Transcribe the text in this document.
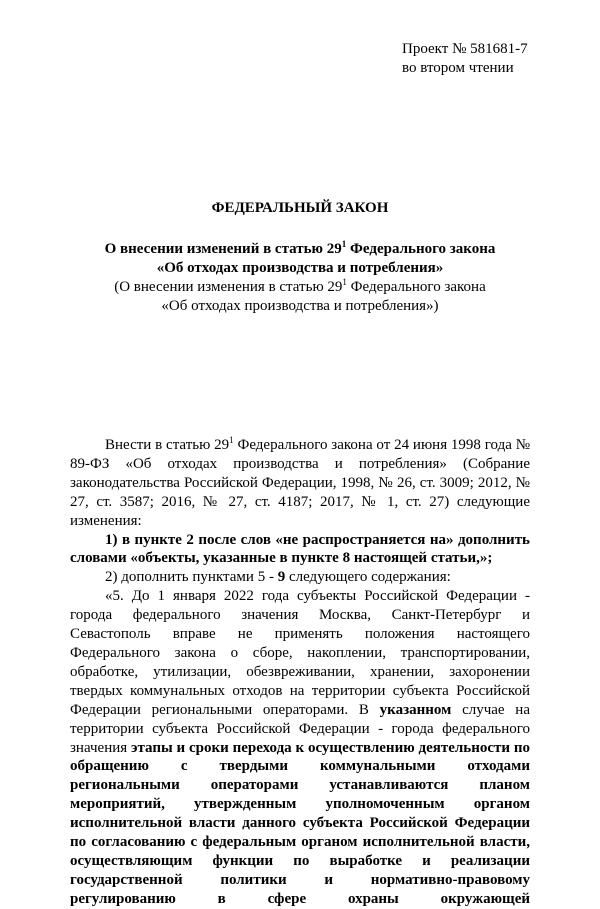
Проект № 581681-7
во втором чтении
ФЕДЕРАЛЬНЫЙ ЗАКОН
О внесении изменений в статью $29^1$ Федерального закона
«Об отходах производства и потребления»
(О внесении изменения в статью $29^1$ Федерального закона
«Об отходах производства и потребления»)

Внести в статью $29^1$ Федерального закона от 24 июня 1998 года № 89-ФЗ «Об отходах производства и потребления» (Собрание законодательства Российской Федерации, 1998, № 26, ст. 3009; 2012, № 27, ст. 3587; 2016, № 27, ст. 4187; 2017, № 1, ст. 27) следующие изменения:

1) в пункте 2 после слов «не распространяется на» дополнить словами «объекты, указанные в пункте 8 настоящей статьи,»;

2) дополнить пунктами 5 - 9 следующего содержания:

«5. До 1 января 2022 года субъекты Российской Федерации - города федерального значения Москва, Санкт-Петербург и Севастополь вправе не применять положения настоящего Федерального закона о сборе, накоплении, транспортировании, обработке, утилизации, обезвреживании, хранении, захоронении твердых коммунальных отходов на территории субъекта Российской Федерации региональными операторами. В указанном случае на территории субъекта Российской Федерации - города федерального значения этапы и сроки перехода к осуществлению деятельности по обращению с твердыми коммунальными отходами региональными операторами устанавливаются планом мероприятий, утвержденным уполномоченным органом исполнительной власти данного субъекта Российской Федерации по согласованию с федеральным органом исполнительной власти, осуществляющим функции по выработке и реализации государственной политики и нормативно-правовому регулированию в сфере охраны окружающей
